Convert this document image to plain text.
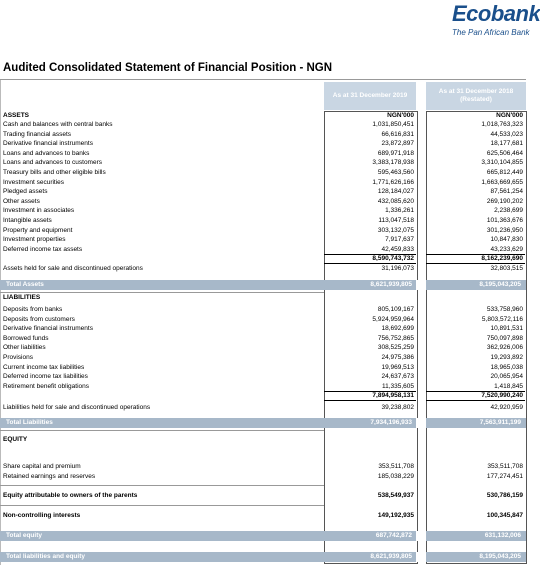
Ecobank
The Pan African Bank
Audited Consolidated Statement of Financial Position - NGN
As at 31 December 2019
As at 31 December 2018
(Restated)
ASSETS	NGN'000	NGN'000
Cash and balances with central banks	1,031,850,451	1,018,763,323
Trading financial assets	66,616,831	44,533,023
Derivative financial instruments	23,872,897	18,177,681
Loans and advances to banks	689,971,918	625,506,464
Loans and advances to customers	3,383,178,938	3,310,104,855
Treasury bills and other eligible bills	595,463,560	665,812,449
Investment securities	1,771,626,166	1,663,669,655
Pledged assets	128,184,027	87,561,254
Other assets	432,085,620	269,190,202
Investment in associates	1,336,261	2,238,699
Intangible assets	113,047,518	101,363,676
Property and equipment	303,132,075	301,236,950
Investment properties	7,917,637	10,847,830
Deferred income tax assets	42,459,833	43,233,629
8,590,743,732	8,162,239,690
Assets held for sale and discontinued operations	31,196,073	32,803,515
Total Assets	8,621,939,805	8,195,043,205
LIABILITIES
Deposits from banks	805,109,167	533,758,960
Deposits from customers	5,924,959,964	5,803,572,116
Derivative financial instruments	18,692,699	10,891,531
Borrowed funds	756,752,865	750,097,898
Other liabilities	308,525,259	362,926,006
Provisions	24,975,386	19,293,892
Current income tax liabilities	19,969,513	18,965,038
Deferred income tax liabilities	24,637,673	20,065,954
Retirement benefit obligations	11,335,605	1,418,845
7,894,958,131	7,520,990,240
Liabilities held for sale and discontinued operations	39,238,802	42,920,959
Total Liabilities	7,934,196,933	7,563,911,199
EQUITY
Share capital and premium	353,511,708	353,511,708
Retained earnings and reserves	185,038,229	177,274,451
Equity attributable to owners of the parents	538,549,937	530,786,159
Non-controlling interests	149,192,935	100,345,847
Total equity	687,742,872	631,132,006
Total liabilities and equity	8,621,939,805	8,195,043,205
